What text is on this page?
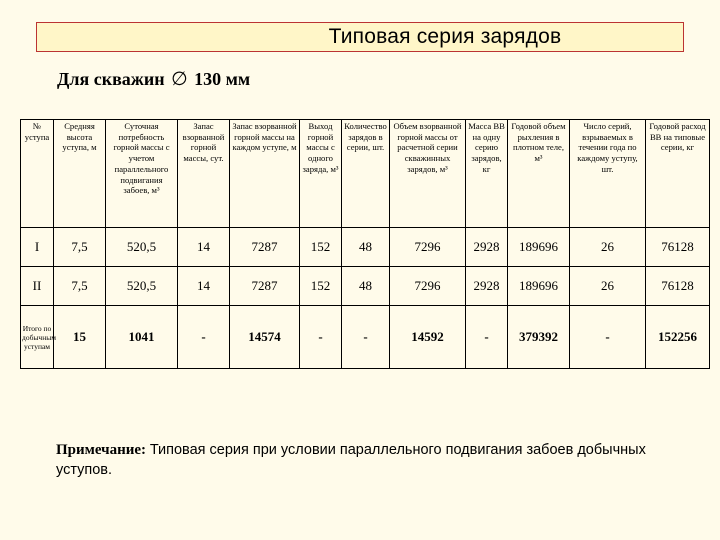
Типовая серия зарядов
Для скважин ∅ 130 мм
№ уступа	Средняя высота уступа, м	Суточная потребность горной массы с учетом параллельного подвигания забоев, м³	Запас взорванной горной массы, сут.	Запас взорванной горной массы на каждом уступе, м	Выход горной массы с одного заряда, м³	Количество зарядов в серии, шт.	Объем взорванной горной массы от расчетной серии скважинных зарядов, м³	Масса ВВ на одну серию зарядов, кг	Годовой объем рыхления в плотном теле, м³	Число серий, взрываемых в течении года по каждому уступу, шт.	Годовой расход ВВ на типовые серии, кг
I	7,5	520,5	14	7287	152	48	7296	2928	189696	26	76128
II	7,5	520,5	14	7287	152	48	7296	2928	189696	26	76128
Итого по добычным уступам	15	1041	-	14574	-	-	14592	-	379392	-	152256
Примечание: Типовая серия при условии параллельного подвигания забоев добычных уступов.
